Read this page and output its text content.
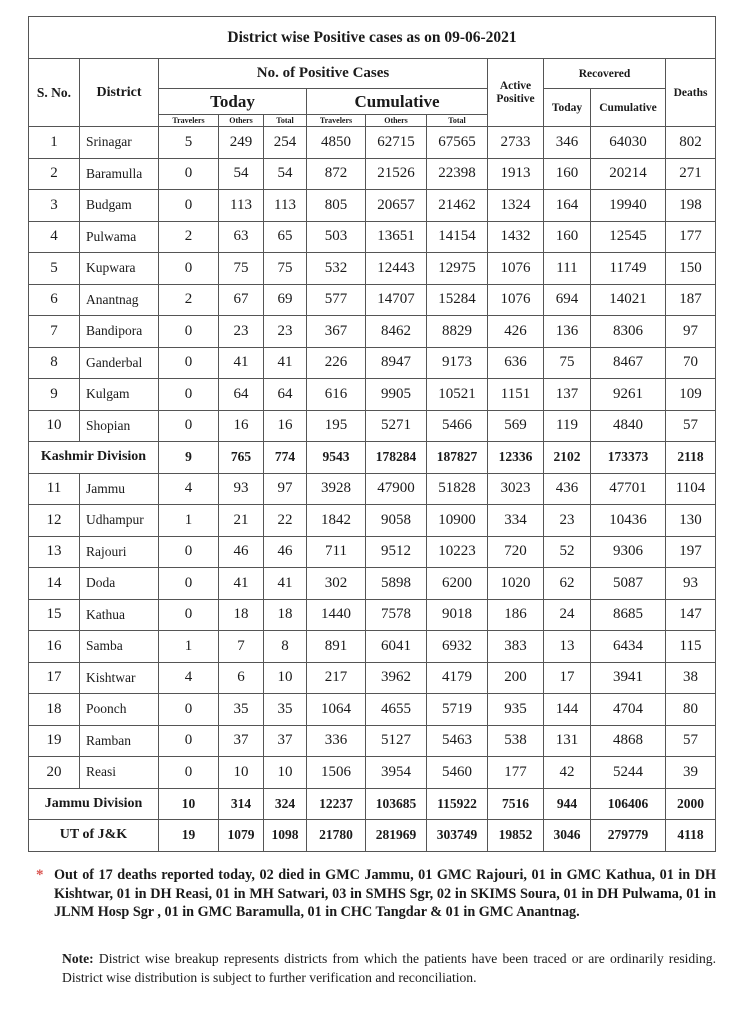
District wise Positive cases as on 09-06-2021											
S. No.	District	No. of Positive Cases						Active
Positive	Recovered		Deaths
		Today			Cumulative				Today	Cumulative	
		Travelers	Others	Total	Travelers	Others	Total				
1	Srinagar	5	249	254	4850	62715	67565	2733	346	64030	802
2	Baramulla	0	54	54	872	21526	22398	1913	160	20214	271
3	Budgam	0	113	113	805	20657	21462	1324	164	19940	198
4	Pulwama	2	63	65	503	13651	14154	1432	160	12545	177
5	Kupwara	0	75	75	532	12443	12975	1076	111	11749	150
6	Anantnag	2	67	69	577	14707	15284	1076	694	14021	187
7	Bandipora	0	23	23	367	8462	8829	426	136	8306	97
8	Ganderbal	0	41	41	226	8947	9173	636	75	8467	70
9	Kulgam	0	64	64	616	9905	10521	1151	137	9261	109
10	Shopian	0	16	16	195	5271	5466	569	119	4840	57
Kashmir Division		9	765	774	9543	178284	187827	12336	2102	173373	2118
11	Jammu	4	93	97	3928	47900	51828	3023	436	47701	1104
12	Udhampur	1	21	22	1842	9058	10900	334	23	10436	130
13	Rajouri	0	46	46	711	9512	10223	720	52	9306	197
14	Doda	0	41	41	302	5898	6200	1020	62	5087	93
15	Kathua	0	18	18	1440	7578	9018	186	24	8685	147
16	Samba	1	7	8	891	6041	6932	383	13	6434	115
17	Kishtwar	4	6	10	217	3962	4179	200	17	3941	38
18	Poonch	0	35	35	1064	4655	5719	935	144	4704	80
19	Ramban	0	37	37	336	5127	5463	538	131	4868	57
20	Reasi	0	10	10	1506	3954	5460	177	42	5244	39
Jammu Division		10	314	324	12237	103685	115922	7516	944	106406	2000
UT of J&K		19	1079	1098	21780	281969	303749	19852	3046	279779	4118
* Out of 17 deaths reported today, 02 died in GMC Jammu, 01 GMC Rajouri, 01 in GMC Kathua, 01 in DH Kishtwar, 01 in DH Reasi, 01 in MH Satwari, 03 in SMHS Sgr, 02 in SKIMS Soura, 01 in DH Pulwama, 01 in JLNM Hosp Sgr , 01 in GMC Baramulla, 01 in CHC Tangdar & 01 in GMC Anantnag.
Note: District wise breakup represents districts from which the patients have been traced or are ordinarily residing. District wise distribution is subject to further verification and reconciliation.
